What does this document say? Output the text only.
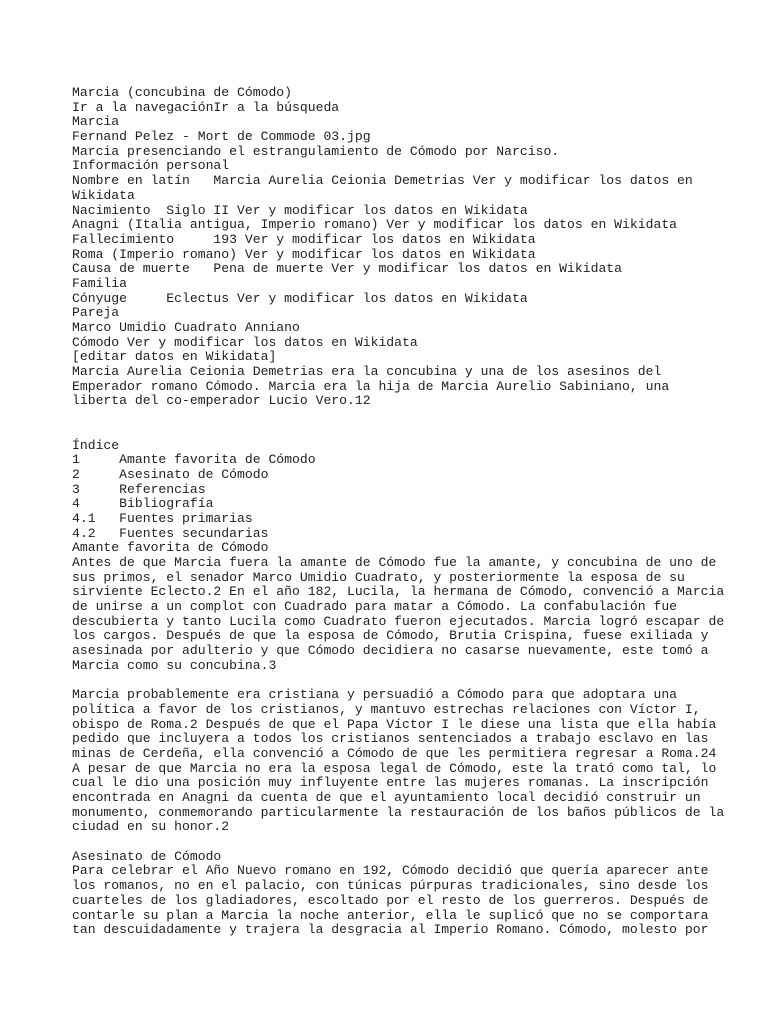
Marcia (concubina de Cómodo)
Ir a la navegaciónIr a la búsqueda
Marcia
Fernand Pelez - Mort de Commode 03.jpg
Marcia presenciando el estrangulamiento de Cómodo por Narciso.
Información personal
Nombre en latín   Marcia Aurelia Ceionia Demetrias Ver y modificar los datos en
Wikidata
Nacimiento  Siglo II Ver y modificar los datos en Wikidata
Anagni (Italia antigua, Imperio romano) Ver y modificar los datos en Wikidata
Fallecimiento     193 Ver y modificar los datos en Wikidata
Roma (Imperio romano) Ver y modificar los datos en Wikidata
Causa de muerte   Pena de muerte Ver y modificar los datos en Wikidata
Familia
Cónyuge     Eclectus Ver y modificar los datos en Wikidata
Pareja
Marco Umidio Cuadrato Anniano
Cómodo Ver y modificar los datos en Wikidata
[editar datos en Wikidata]
Marcia Aurelia Ceionia Demetrias era la concubina y una de los asesinos del
Emperador romano Cómodo. Marcia era la hija de Marcia Aurelio Sabiniano, una
liberta del co-emperador Lucio Vero.12
Índice
1     Amante favorita de Cómodo
2     Asesinato de Cómodo
3     Referencias
4     Bibliografía
4.1   Fuentes primarias
4.2   Fuentes secundarias
Amante favorita de Cómodo
Antes de que Marcia fuera la amante de Cómodo fue la amante, y concubina de uno de
sus primos, el senador Marco Umidio Cuadrato, y posteriormente la esposa de su
sirviente Eclecto.2 En el año 182, Lucila, la hermana de Cómodo, convenció a Marcia
de unirse a un complot con Cuadrado para matar a Cómodo. La confabulación fue
descubierta y tanto Lucila como Cuadrato fueron ejecutados. Marcia logró escapar de
los cargos. Después de que la esposa de Cómodo, Brutia Crispina, fuese exiliada y
asesinada por adulterio y que Cómodo decidiera no casarse nuevamente, este tomó a
Marcia como su concubina.3
Marcia probablemente era cristiana y persuadió a Cómodo para que adoptara una
política a favor de los cristianos, y mantuvo estrechas relaciones con Víctor I,
obispo de Roma.2 Después de que el Papa Víctor I le diese una lista que ella había
pedido que incluyera a todos los cristianos sentenciados a trabajo esclavo en las
minas de Cerdeña, ella convenció a Cómodo de que les permitiera regresar a Roma.24
A pesar de que Marcia no era la esposa legal de Cómodo, este la trató como tal, lo
cual le dio una posición muy influyente entre las mujeres romanas. La inscripción
encontrada en Anagni da cuenta de que el ayuntamiento local decidió construir un
monumento, conmemorando particularmente la restauración de los baños públicos de la
ciudad en su honor.2
Asesinato de Cómodo
Para celebrar el Año Nuevo romano en 192, Cómodo decidió que quería aparecer ante
los romanos, no en el palacio, con túnicas púrpuras tradicionales, sino desde los
cuarteles de los gladiadores, escoltado por el resto de los guerreros. Después de
contarle su plan a Marcia la noche anterior, ella le suplicó que no se comportara
tan descuidadamente y trajera la desgracia al Imperio Romano. Cómodo, molesto por
